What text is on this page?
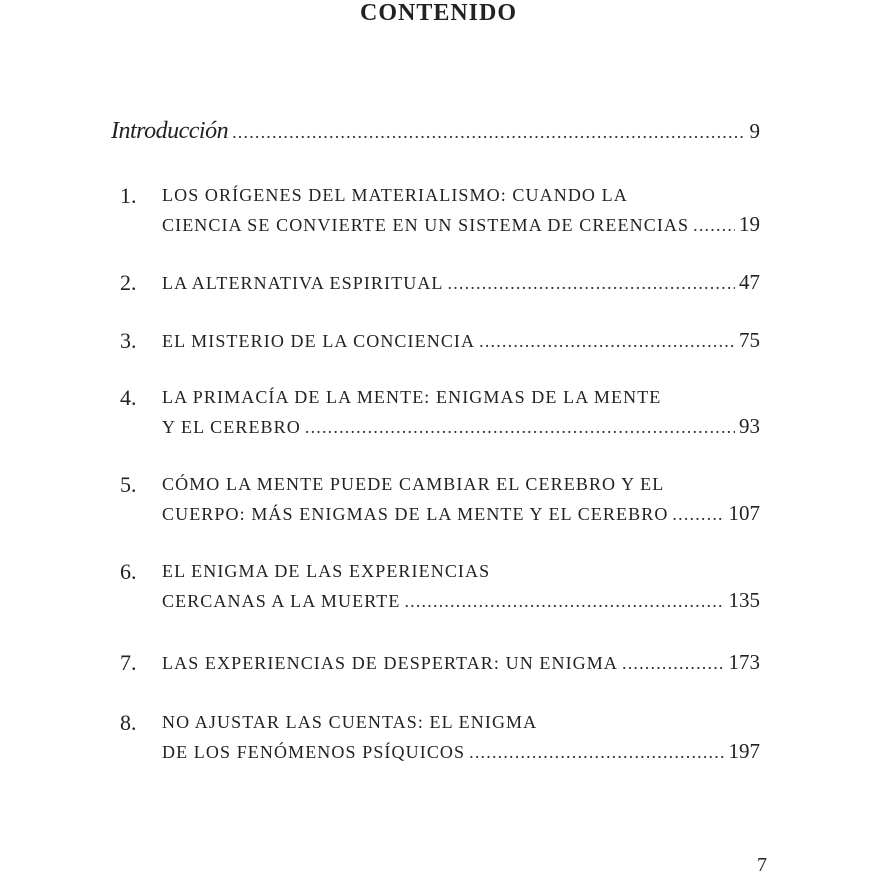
CONTENIDO
Introducción .....	9
1. LOS ORÍGENES DEL MATERIALISMO: CUANDO LA
CIENCIA SE CONVIERTE EN UN SISTEMA DE CREENCIAS ..... 19
2. LA ALTERNATIVA ESPIRITUAL .....	47
3. EL MISTERIO DE LA CONCIENCIA .....	75
4. LA PRIMACÍA DE LA MENTE: ENIGMAS DE LA MENTE
Y EL CEREBRO .....	93
5. CÓMO LA MENTE PUEDE CAMBIAR EL CEREBRO Y EL
CUERPO: MÁS ENIGMAS DE LA MENTE Y EL CEREBRO .....	107
6. EL ENIGMA DE LAS EXPERIENCIAS
CERCANAS A LA MUERTE .....	135
7. LAS EXPERIENCIAS DE DESPERTAR: UN ENIGMA .....	173
8. NO AJUSTAR LAS CUENTAS: EL ENIGMA
DE LOS FENÓMENOS PSÍQUICOS .....	197
7
